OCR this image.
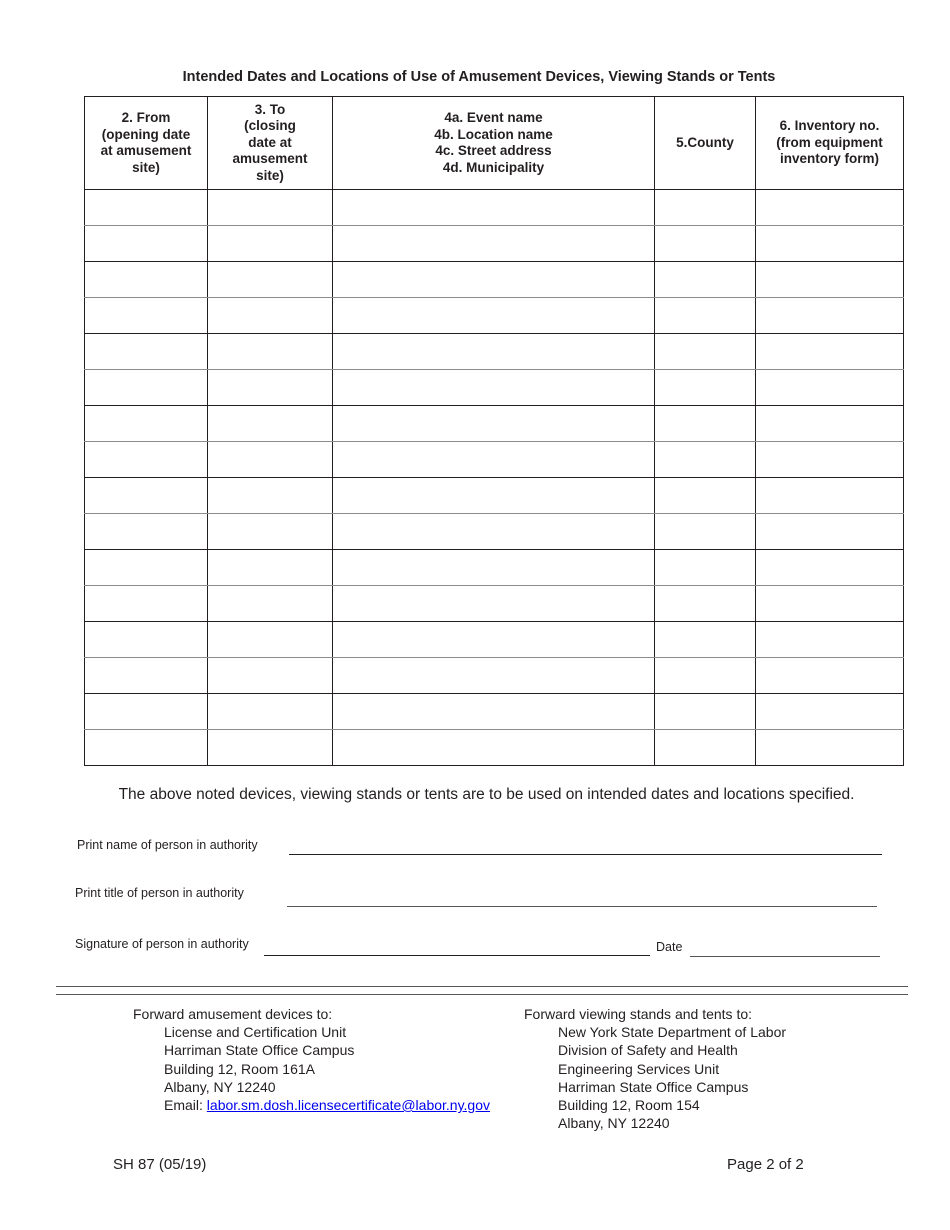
Intended Dates and Locations of Use of Amusement Devices, Viewing Stands or Tents
2. From
(opening date
at amusement
site)	3. To
(closing
date at
amusement
site)	4a. Event name
4b. Location name
4c. Street address
4d. Municipality	5.County	6. Inventory no.
(from equipment
inventory form)

The above noted devices, viewing stands or tents are to be used on intended dates and locations specified.
Print name of person in authority
Print title of person in authority
Signature of person in authority	Date
Forward amusement devices to:
License and Certification Unit
Harriman State Office Campus
Building 12, Room 161A
Albany, NY 12240
Email: labor.sm.dosh.licensecertificate@labor.ny.gov
Forward viewing stands and tents to:
New York State Department of Labor
Division of Safety and Health
Engineering Services Unit
Harriman State Office Campus
Building 12, Room 154
Albany, NY 12240
SH 87 (05/19)	Page 2 of 2
